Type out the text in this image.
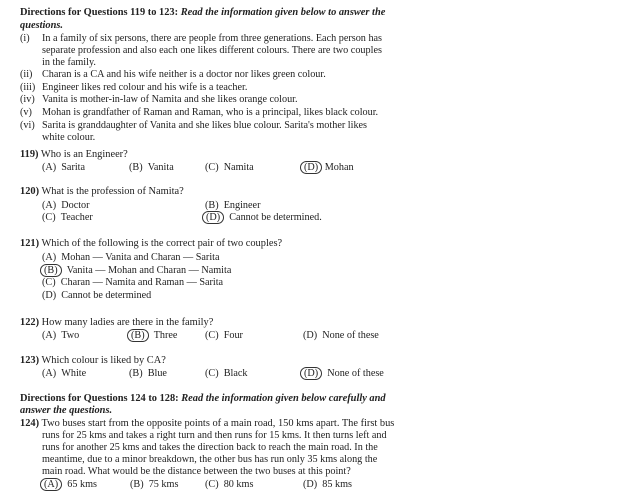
Directions for Questions 119 to 123: Read the information given below to answer the
questions.
(i) In a family of six persons, there are people from three generations. Each person has
separate profession and also each one likes different colours. There are two couples
in the family.
(ii) Charan is a CA and his wife neither is a doctor nor likes green colour.
(iii) Engineer likes red colour and his wife is a teacher.
(iv) Vanita is mother-in-law of Namita and she likes orange colour.
(v) Mohan is grandfather of Raman and Raman, who is a principal, likes black colour.
(vi) Sarita is granddaughter of Vanita and she likes blue colour. Sarita's mother likes
white colour.
119) Who is an Engineer?
(A) Sarita	(B) Vanita	(C) Namita	(D) Mohan
120) What is the profession of Namita?
(A) Doctor	(B) Engineer
(C) Teacher	(D) Cannot be determined.
121) Which of the following is the correct pair of two couples?
(A) Mohan — Vanita and Charan — Sarita
(B) Vanita — Mohan and Charan — Namita
(C) Charan — Namita and Raman — Sarita
(D) Cannot be determined
122) How many ladies are there in the family?
(A) Two	(B) Three	(C) Four	(D) None of these
123) Which colour is liked by CA?
(A) White	(B) Blue	(C) Black	(D) None of these
Directions for Questions 124 to 128: Read the information given below carefully and
answer the questions.
124) Two buses start from the opposite points of a main road, 150 kms apart. The first bus
runs for 25 kms and takes a right turn and then runs for 15 kms. It then turns left and
runs for another 25 kms and takes the direction back to reach the main road. In the
meantime, due to a minor breakdown, the other bus has run only 35 kms along the
main road. What would be the distance between the two buses at this point?
(A) 65 kms	(B) 75 kms	(C) 80 kms	(D) 85 kms
